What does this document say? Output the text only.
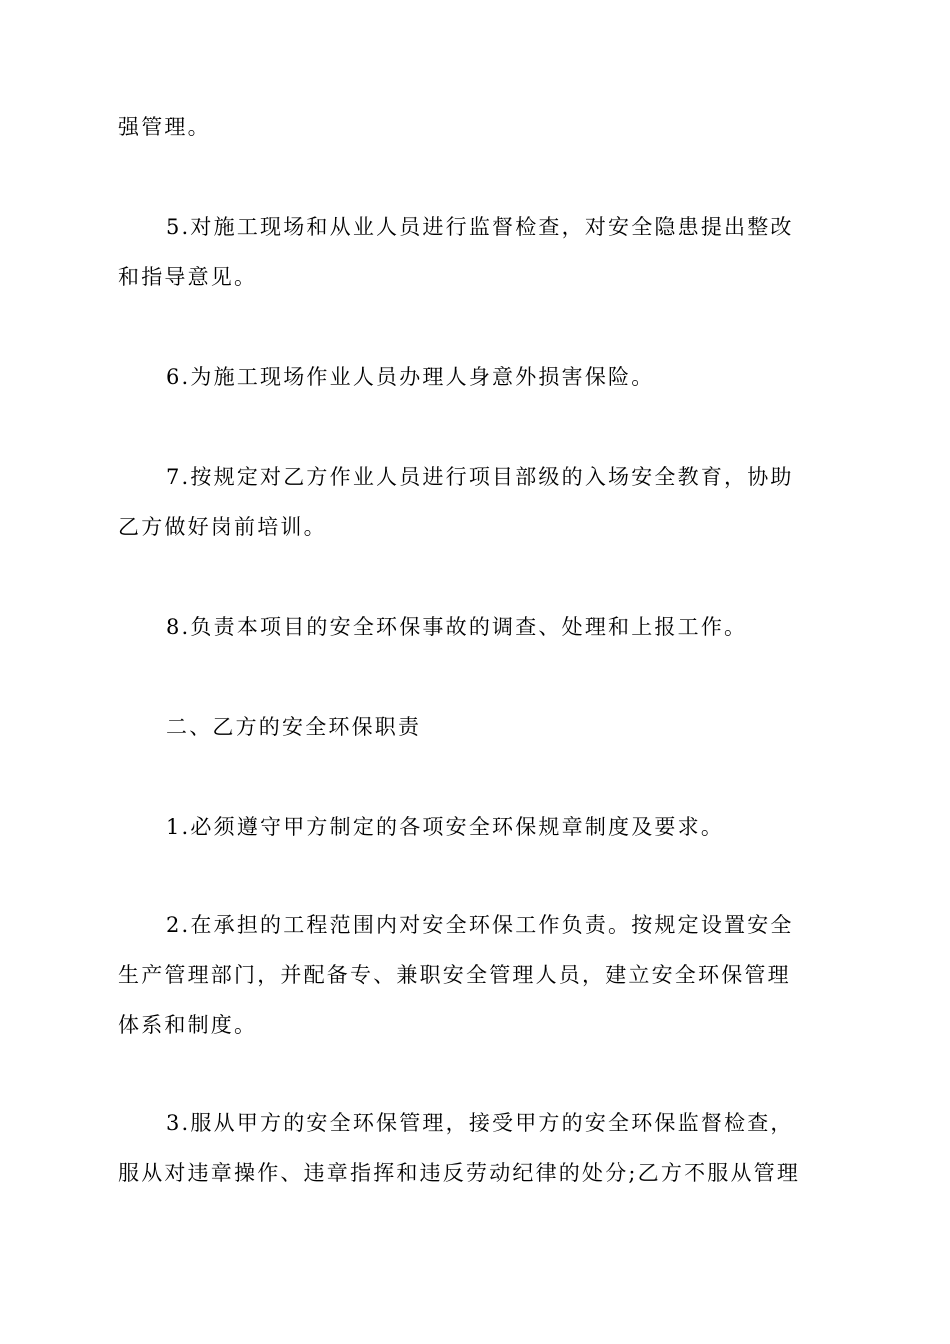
强管理。
5.对施工现场和从业人员进行监督检查，对安全隐患提出整改
和指导意见。
6.为施工现场作业人员办理人身意外损害保险。
7.按规定对乙方作业人员进行项目部级的入场安全教育，协助
乙方做好岗前培训。
8.负责本项目的安全环保事故的调查、处理和上报工作。
二、乙方的安全环保职责
1.必须遵守甲方制定的各项安全环保规章制度及要求。
2.在承担的工程范围内对安全环保工作负责。按规定设置安全
生产管理部门，并配备专、兼职安全管理人员，建立安全环保管理
体系和制度。
3.服从甲方的安全环保管理，接受甲方的安全环保监督检查，
服从对违章操作、违章指挥和违反劳动纪律的处分;乙方不服从管理
